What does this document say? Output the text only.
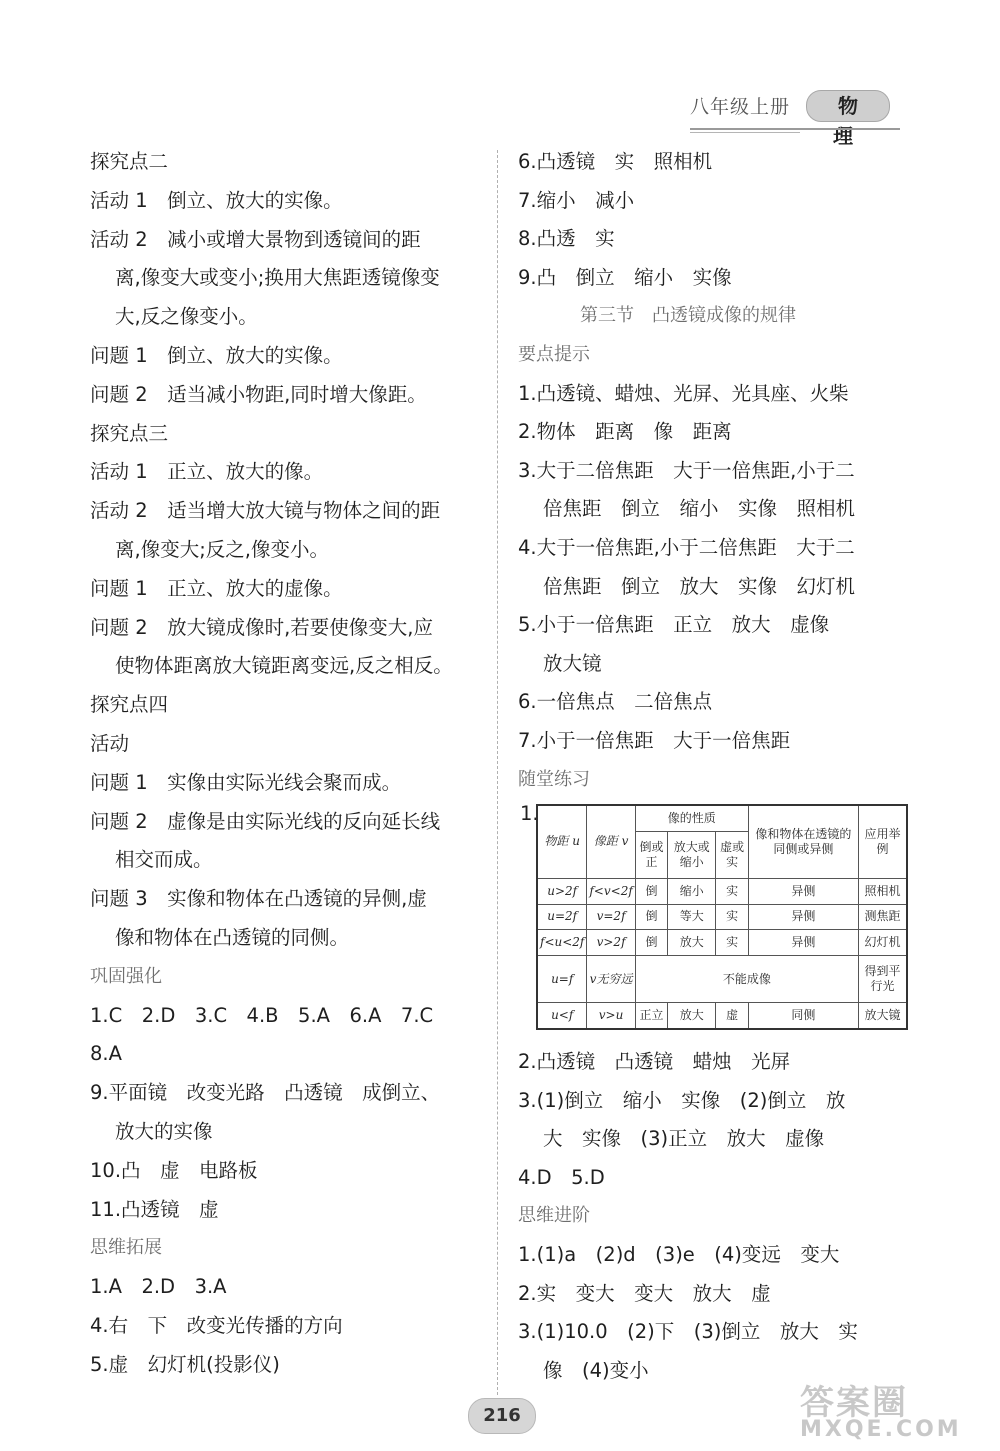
八年级上册	物 理
探究点二
活动 1　倒立、放大的实像。
活动 2　减小或增大景物到透镜间的距
离,像变大或变小;换用大焦距透镜像变
大,反之像变小。
问题 1　倒立、放大的实像。
问题 2　适当减小物距,同时增大像距。
探究点三
活动 1　正立、放大的像。
活动 2　适当增大放大镜与物体之间的距
离,像变大;反之,像变小。
问题 1　正立、放大的虚像。
问题 2　放大镜成像时,若要使像变大,应
使物体距离放大镜距离变远,反之相反。
探究点四
活动
问题 1　实像由实际光线会聚而成。
问题 2　虚像是由实际光线的反向延长线
相交而成。
问题 3　实像和物体在凸透镜的异侧,虚
像和物体在凸透镜的同侧。
巩固强化
1.C　2.D　3.C　4.B　5.A　6.A　7.C
8.A
9.平面镜　改变光路　凸透镜　成倒立、
放大的实像
10.凸　虚　电路板
11.凸透镜　虚
思维拓展
1.A　2.D　3.A
4.右　下　改变光传播的方向
5.虚　幻灯机(投影仪)
6.凸透镜　实　照相机
7.缩小　减小
8.凸透　实
9.凸　倒立　缩小　实像
第三节　凸透镜成像的规律
要点提示
1.凸透镜、蜡烛、光屏、光具座、火柴
2.物体　距离　像　距离
3.大于二倍焦距　大于一倍焦距,小于二
倍焦距　倒立　缩小　实像　照相机
4.大于一倍焦距,小于二倍焦距　大于二
倍焦距　倒立　放大　实像　幻灯机
5.小于一倍焦距　正立　放大　虚像
放大镜
6.一倍焦点　二倍焦点
7.小于一倍焦距　大于一倍焦距
随堂练习
1.
物距 u	像距 v	像的性质			像和物体在透镜的同侧或异侧	应用举例
		倒或正	放大或缩小	虚或实		
u>2f	f<v<2f	倒	缩小	实	异侧	照相机
u=2f	v=2f	倒	等大	实	异侧	测焦距
f<u<2f	v>2f	倒	放大	实	异侧	幻灯机
u=f	v无穷远	不能成像				得到平行光
u<f	v>u	正立	放大	虚	同侧	放大镜
2.凸透镜　凸透镜　蜡烛　光屏
3.(1)倒立　缩小　实像　(2)倒立　放
大　实像　(3)正立　放大　虚像
4.D　5.D
思维进阶
1.(1)a　(2)d　(3)e　(4)变远　变大
2.实　变大　变大　放大　虚
3.(1)10.0　(2)下　(3)倒立　放大　实
像　(4)变小
216	答案圈
MXQE.COM
